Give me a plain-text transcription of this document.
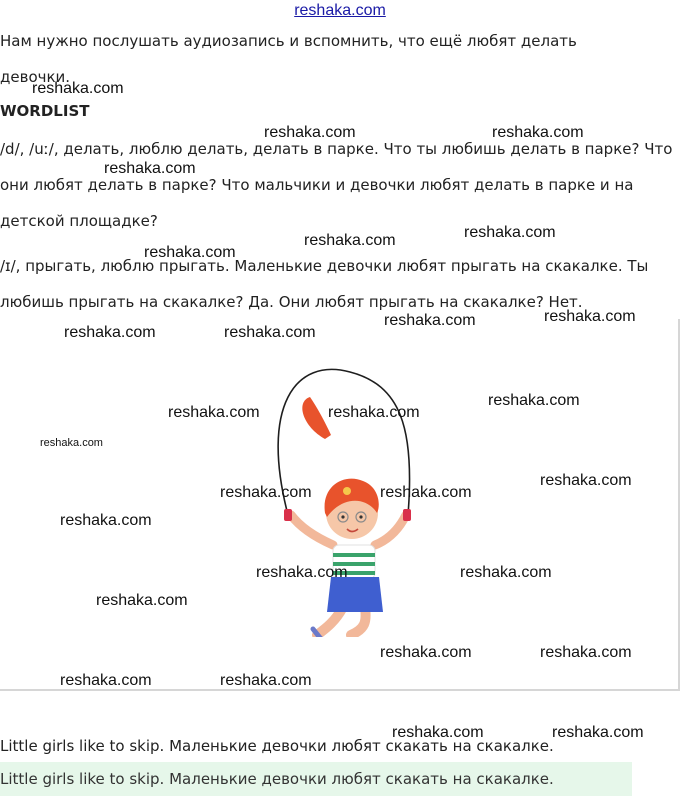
reshaka.com

Нам нужно послушать аудиозапись и вспомнить, что ещё любят делать девочки.

WORDLIST

/d/, /uː/, делать, люблю делать, делать в парке. Что ты любишь делать в парке? Что они любят делать в парке? Что мальчики и девочки любят делать в парке и на детской площадке?

/ɪ/, прыгать, люблю прыгать. Маленькие девочки любят прыгать на скакалке. Ты любишь прыгать на скакалке? Да. Они любят прыгать на скакалке? Нет.

Little girls like to skip. Маленькие девочки любят скакать на скакалке.
Little girls like to skip. Маленькие девочки любят скакать на скакалке.
reshaka.com
reshaka.com	reshaka.com
reshaka.com
reshaka.com
reshaka.com
reshaka.com
reshaka.com
reshaka.com
reshaka.com	reshaka.com
reshaka.com
reshaka.com	reshaka.com
reshaka.com
reshaka.com
reshaka.com	reshaka.com
reshaka.com
reshaka.com	reshaka.com
reshaka.com
reshaka.com	reshaka.com
reshaka.com	reshaka.com
reshaka.com	reshaka.com
